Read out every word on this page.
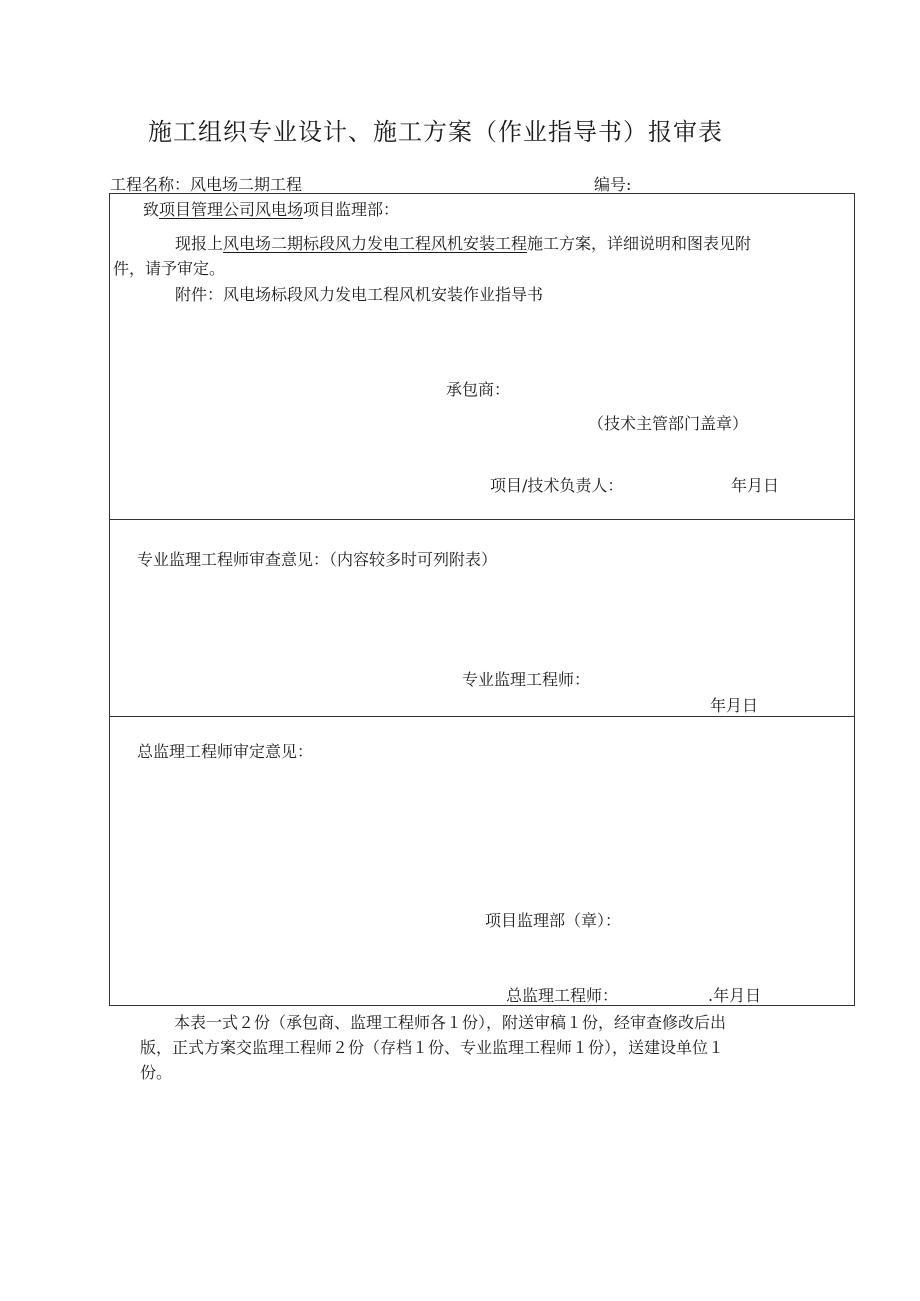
施工组织专业设计、施工方案（作业指导书）报审表
工程名称：风电场二期工程	编号:
致项目管理公司风电场项目监理部：
现报上风电场二期标段风力发电工程风机安装工程施工方案，详细说明和图表见附
件，请予审定。
附件：风电场标段风力发电工程风机安装作业指导书
承包商：
（技术主管部门盖章）
项目/技术负责人：	年月日
专业监理工程师审查意见：（内容较多时可列附表）
专业监理工程师：
年月日
总监理工程师审定意见：
项目监理部（章）：
总监理工程师：	.年月日
本表一式２份（承包商、监理工程师各１份），附送审稿１份，经审查修改后出
版，正式方案交监理工程师２份（存档１份、专业监理工程师１份），送建设单位１
份。
